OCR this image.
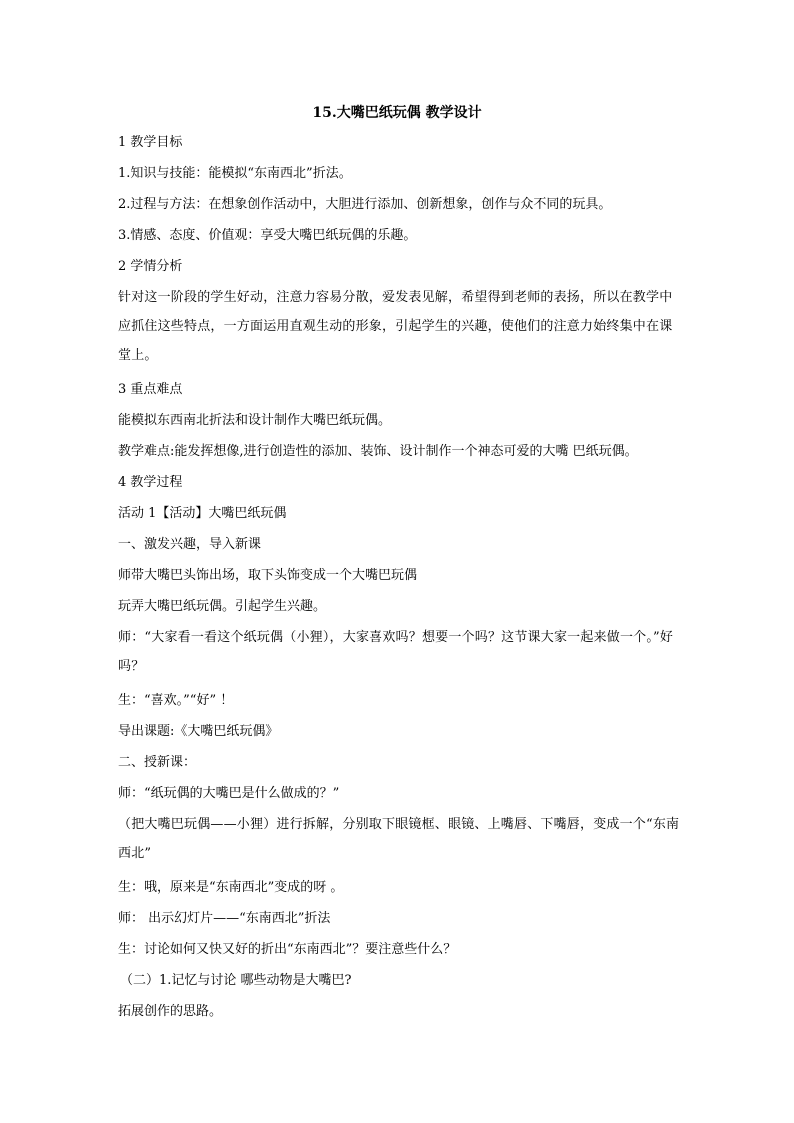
15.大嘴巴纸玩偶 教学设计

1 教学目标

1.知识与技能：能模拟“东南西北”折法。

2.过程与方法：在想象创作活动中，大胆进行添加、创新想象，创作与众不同的玩具。

3.情感、态度、价值观：享受大嘴巴纸玩偶的乐趣。

2 学情分析

针对这一阶段的学生好动，注意力容易分散，爱发表见解，希望得到老师的表扬，所以在教学中应抓住这些特点，一方面运用直观生动的形象，引起学生的兴趣，使他们的注意力始终集中在课堂上。

3 重点难点

能模拟东西南北折法和设计制作大嘴巴纸玩偶。

教学难点:能发挥想像,进行创造性的添加、装饰、设计制作一个神态可爱的大嘴 巴纸玩偶。

4 教学过程

活动 1【活动】大嘴巴纸玩偶

一、激发兴趣，导入新课

师带大嘴巴头饰出场，取下头饰变成一个大嘴巴玩偶

玩弄大嘴巴纸玩偶。引起学生兴趣。

师：“大家看一看这个纸玩偶（小狸），大家喜欢吗？想要一个吗？这节课大家一起来做一个。”好吗？

生：“喜欢。”“好” ！

导出课题:《大嘴巴纸玩偶》

二、授新课：

师：“纸玩偶的大嘴巴是什么做成的？”

（把大嘴巴玩偶——小狸）进行拆解，分别取下眼镜框、眼镜、上嘴唇、下嘴唇，变成一个“东南西北”

生：哦，原来是“东南西北”变成的呀 。

师： 出示幻灯片——“东南西北”折法

生：讨论如何又快又好的折出“东南西北”？要注意些什么？

（二）1.记忆与讨论 哪些动物是大嘴巴?

拓展创作的思路。
